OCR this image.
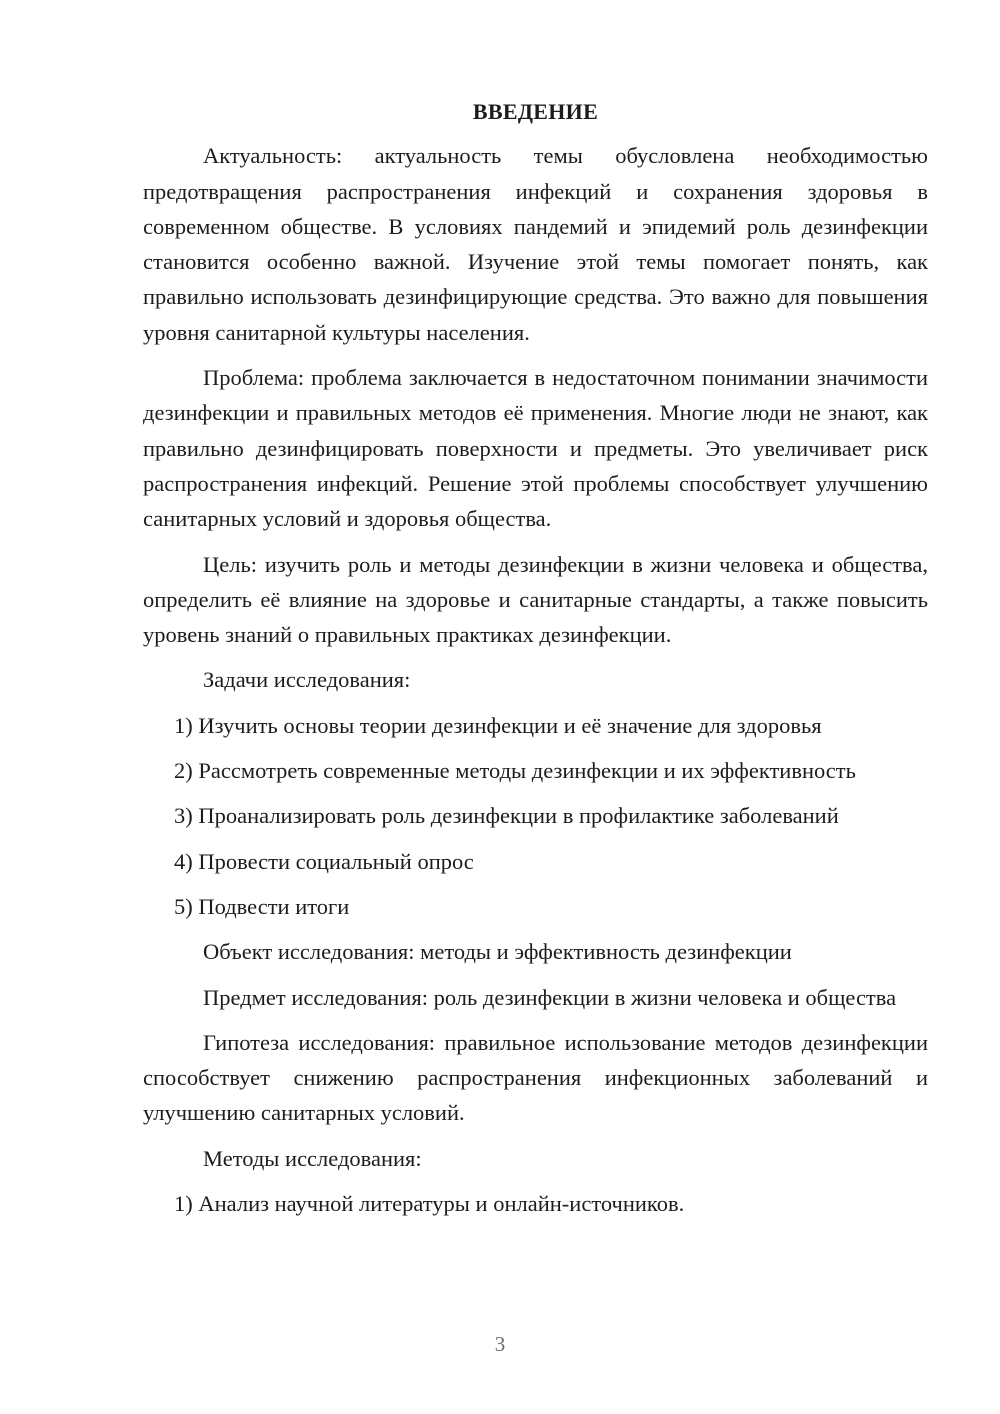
ВВЕДЕНИЕ

Актуальность: актуальность темы обусловлена необходимостью предотвращения распространения инфекций и сохранения здоровья в современном обществе. В условиях пандемий и эпидемий роль дезинфекции становится особенно важной. Изучение этой темы помогает понять, как правильно использовать дезинфицирующие средства. Это важно для повышения уровня санитарной культуры населения.

Проблема: проблема заключается в недостаточном понимании значимости дезинфекции и правильных методов её применения. Многие люди не знают, как правильно дезинфицировать поверхности и предметы. Это увеличивает риск распространения инфекций. Решение этой проблемы способствует улучшению санитарных условий и здоровья общества.

Цель: изучить роль и методы дезинфекции в жизни человека и общества, определить её влияние на здоровье и санитарные стандарты, а также повысить уровень знаний о правильных практиках дезинфекции.

Задачи исследования:

1) Изучить основы теории дезинфекции и её значение для здоровья
2) Рассмотреть современные методы дезинфекции и их эффективность
3) Проанализировать роль дезинфекции в профилактике заболеваний
4) Провести социальный опрос
5) Подвести итоги

Объект исследования: методы и эффективность дезинфекции

Предмет исследования: роль дезинфекции в жизни человека и общества

Гипотеза исследования: правильное использование методов дезинфекции способствует снижению распространения инфекционных заболеваний и улучшению санитарных условий.

Методы исследования:

1) Анализ научной литературы и онлайн-источников.
3
